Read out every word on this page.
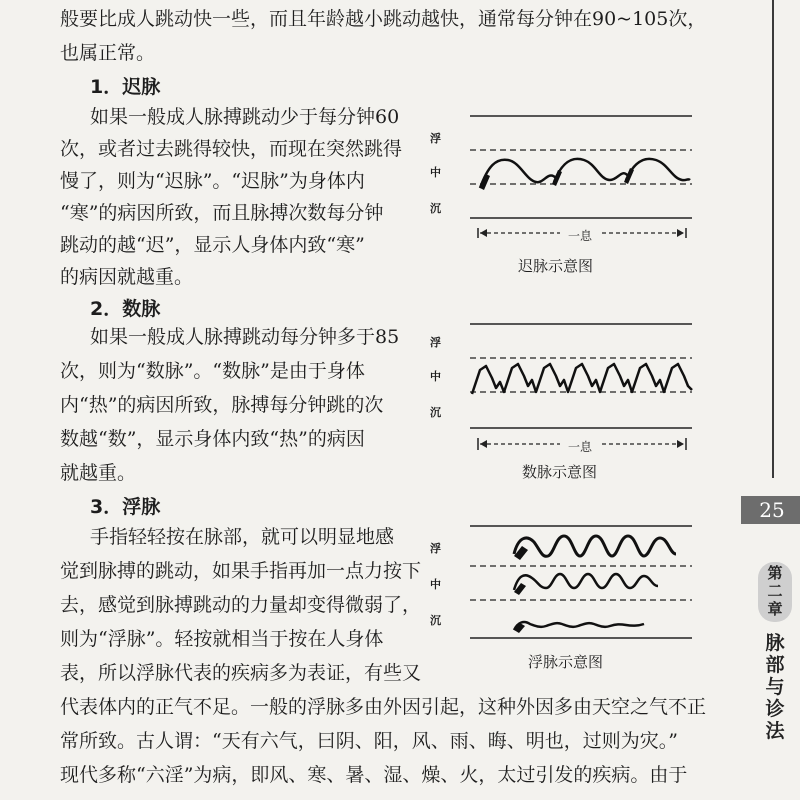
般要比成人跳动快一些，而且年龄越小跳动越快，通常每分钟在90~105次，
也属正常。
1．迟脉
如果一般成人脉搏跳动少于每分钟60
次，或者过去跳得较快，而现在突然跳得
慢了，则为“迟脉”。“迟脉”为身体内
“寒”的病因所致，而且脉搏次数每分钟
跳动的越“迟”，显示人身体内致“寒”
的病因就越重。
2．数脉
如果一般成人脉搏跳动每分钟多于85
次，则为“数脉”。“数脉”是由于身体
内“热”的病因所致，脉搏每分钟跳的次
数越“数”，显示身体内致“热”的病因
就越重。
3．浮脉
手指轻轻按在脉部，就可以明显地感
觉到脉搏的跳动，如果手指再加一点力按下
去，感觉到脉搏跳动的力量却变得微弱了，
则为“浮脉”。轻按就相当于按在人身体
表，所以浮脉代表的疾病多为表证，有些又
代表体内的正气不足。一般的浮脉多由外因引起，这种外因多由天空之气不正
常所致。古人谓：“天有六气，曰阴、阳，风、雨、晦、明也，过则为灾。”
现代多称“六淫”为病，即风、寒、暑、湿、燥、火，太过引发的疾病。由于
浮
中
沉
一息
迟脉示意图
浮
中
沉
一息
数脉示意图
浮
中
沉
浮脉示意图
25
第
二
章
脉
部
与
诊
法
